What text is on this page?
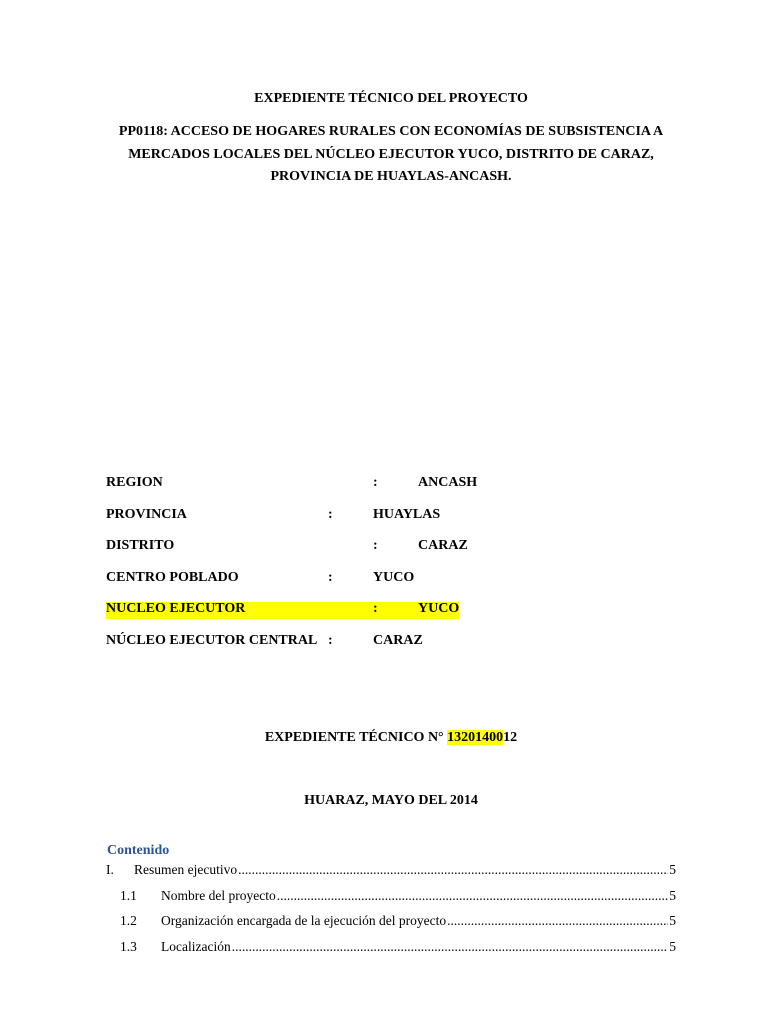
EXPEDIENTE TÉCNICO DEL PROYECTO
PP0118: ACCESO DE HOGARES RURALES CON ECONOMÍAS DE SUBSISTENCIA A
MERCADOS LOCALES DEL NÚCLEO EJECUTOR YUCO, DISTRITO DE CARAZ,
PROVINCIA DE HUAYLAS-ANCASH.
REGION	:	ANCASH
PROVINCIA	:	HUAYLAS
DISTRITO	:	CARAZ
CENTRO POBLADO	:	YUCO
NUCLEO EJECUTOR	:	YUCO
NÚCLEO EJECUTOR CENTRAL :	CARAZ
EXPEDIENTE TÉCNICO N° 1320140012
HUARAZ, MAYO DEL 2014
Contenido
I.	Resumen ejecutivo .....	5
1.1	Nombre del proyecto .....	5
1.2	Organización encargada de la ejecución del proyecto .....	5
1.3	Localización .....	5
